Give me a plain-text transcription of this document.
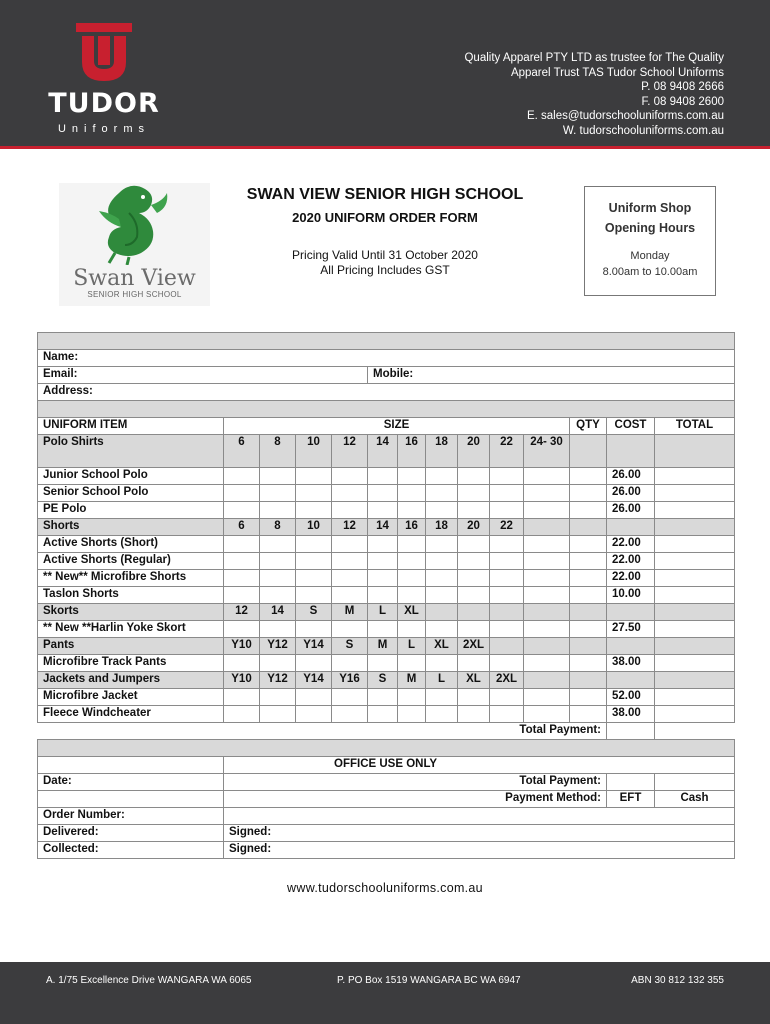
TUDOR
Uniforms
Quality Apparel PTY LTD as trustee for The Quality
Apparel Trust TAS Tudor School Uniforms
P. 08 9408 2666
F. 08 9408 2600
E. sales@tudorschooluniforms.com.au
W. tudorschooluniforms.com.au
Swan View
SENIOR HIGH SCHOOL
SWAN VIEW SENIOR HIGH SCHOOL
2020 UNIFORM ORDER FORM
Pricing Valid Until 31 October 2020
All Pricing Includes GST
Uniform Shop
Opening Hours
Monday
8.00am to 10.00am

Name:													
Email:					Mobile:								
Address:													

UNIFORM ITEM	SIZE										QTY	COST	TOTAL
Polo Shirts	6	8	10	12	14	16	18	20	22	24- 30			
Junior School Polo												26.00	
Senior School Polo												26.00	
PE Polo												26.00	
Shorts	6	8	10	12	14	16	18	20	22				
Active Shorts (Short)												22.00	
Active Shorts (Regular)												22.00	
** New** Microfibre Shorts												22.00	
Taslon Shorts												10.00	
Skorts	12	14	S	M	L	XL							
** New **Harlin Yoke Skort												27.50	
Pants	Y10	Y12	Y14	S	M	L	XL	2XL					
Microfibre Track Pants												38.00	
Jackets and Jumpers	Y10	Y12	Y14	Y16	S	M	L	XL	2XL				
Microfibre Jacket												52.00	
Fleece Windcheater												38.00	
Total Payment:													

	OFFICE USE ONLY												
Date:	Total Payment:												
	Payment Method:											EFT	Cash
Order Number:													
Delivered:	Signed:												
Collected:	Signed:												
www.tudorschooluniforms.com.au
A. 1/75 Excellence Drive WANGARA WA 6065	P. PO Box 1519 WANGARA BC WA 6947	ABN 30 812 132 355
